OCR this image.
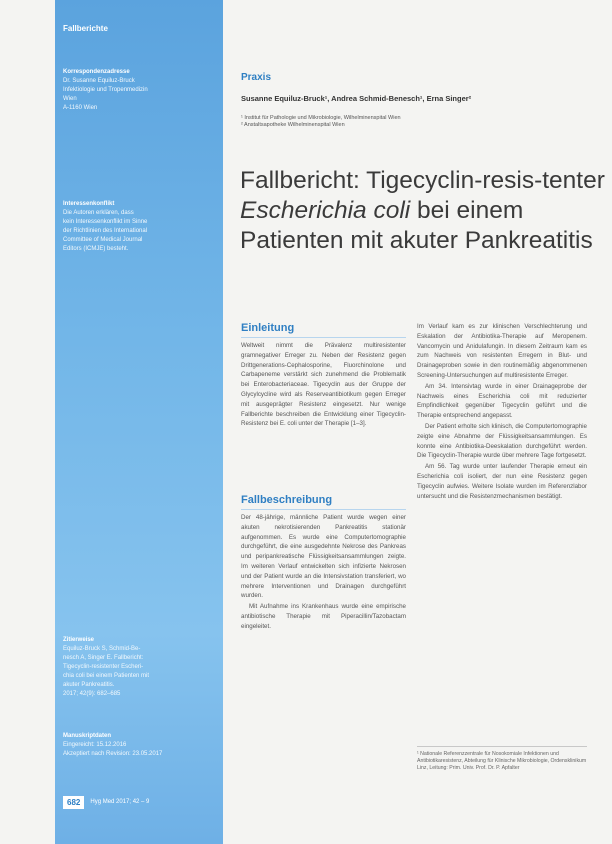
Fallberichte
Korrespondenzadresse
Dr. Susanne Equiluz-Bruck
Infektiologie und Tropenmedizin
Wien
A-1160 Wien
Interessenkonflikt
Die Autoren erklären, dass
kein Interessenkonflikt im Sinne
der Richtlinien des International
Committee of Medical Journal
Editors (ICMJE) besteht.
Zitierweise
Equiluz-Bruck S, Schmid-Be-
nesch A, Singer E. Fallbericht:
Tigecyclin-resistenter Escheri-
chia coli bei einem Patienten mit
akuter Pankreatitis.
2017; 42(9): 682–685
Manuskriptdaten
Eingereicht: 15.12.2016
Akzeptiert nach Revision: 23.05.2017
682	Hyg Med 2017; 42 – 9
Praxis
Susanne Equiluz-Bruck¹, Andrea Schmid-Benesch¹, Erna Singer²
¹ Institut für Pathologie und Mikrobiologie, Wilhelminenspital Wien
² Anstaltsapotheke Wilhelminenspital Wien
Fallbericht: Tigecyclin-resis-tenter Escherichia coli bei einem Patienten mit akuter Pankreatitis
Einleitung

Weltweit nimmt die Prävalenz multiresistenter gramnegativer Erreger zu. Neben der Resistenz gegen Drittgenerations-Cephalosporine, Fluorchinolone und Carbapeneme verstärkt sich zunehmend die Problematik bei Enterobacteriaceae. Tigecyclin aus der Gruppe der Glycylcycline wird als Reserveantibiotikum gegen Erreger mit ausgeprägter Resistenz eingesetzt. Nur wenige Fallberichte beschreiben die Entwicklung einer Tigecyclin-Resistenz bei E. coli unter der Therapie [1–3].

Fallbeschreibung

Der 48-jährige, männliche Patient wurde wegen einer akuten nekrotisierenden Pankreatitis stationär aufgenommen. Es wurde eine Computertomographie durchgeführt, die eine ausgedehnte Nekrose des Pankreas und peripankreatische Flüssigkeitsansammlungen zeigte. Im weiteren Verlauf entwickelten sich infizierte Nekrosen und der Patient wurde an die Intensivstation transferiert, wo mehrere Interventionen und Drainagen durchgeführt wurden.

Mit Aufnahme ins Krankenhaus wurde eine empirische antibiotische Therapie mit Piperacillin/Tazobactam eingeleitet.

Im Verlauf kam es zur klinischen Verschlechterung und Eskalation der Antibiotika-Therapie auf Meropenem. Vancomycin und Anidulafungin. In diesem Zeitraum kam es zum Nachweis von resistenten Erregern in Blut- und Drainageproben sowie in den routinemäßig abgenommenen Screening-Untersuchungen auf multiresistente Erreger.

Am 34. Intensivtag wurde in einer Drainageprobe der Nachweis eines Escherichia coli mit reduzierter Empfindlichkeit gegenüber Tigecyclin geführt und die Therapie entsprechend angepasst.

Der Patient erholte sich klinisch, die Computertomographie zeigte eine Abnahme der Flüssigkeitsansammlungen. Es konnte eine Antibiotika-Deeskalation durchgeführt werden. Die Tigecyclin-Therapie wurde über mehrere Tage fortgesetzt.

Am 56. Tag wurde unter laufender Therapie erneut ein Escherichia coli isoliert, der nun eine Resistenz gegen Tigecyclin aufwies. Weitere Isolate wurden im Referenzlabor untersucht und die Resistenzmechanismen bestätigt.

¹ Nationale Referenzzentrale für Nosokomiale Infektionen und Antibiotikaresistenz, Abteilung für Klinische Mikrobiologie, Ordensklinikum Linz, Leitung: Prim. Univ. Prof. Dr. P. Apfalter
